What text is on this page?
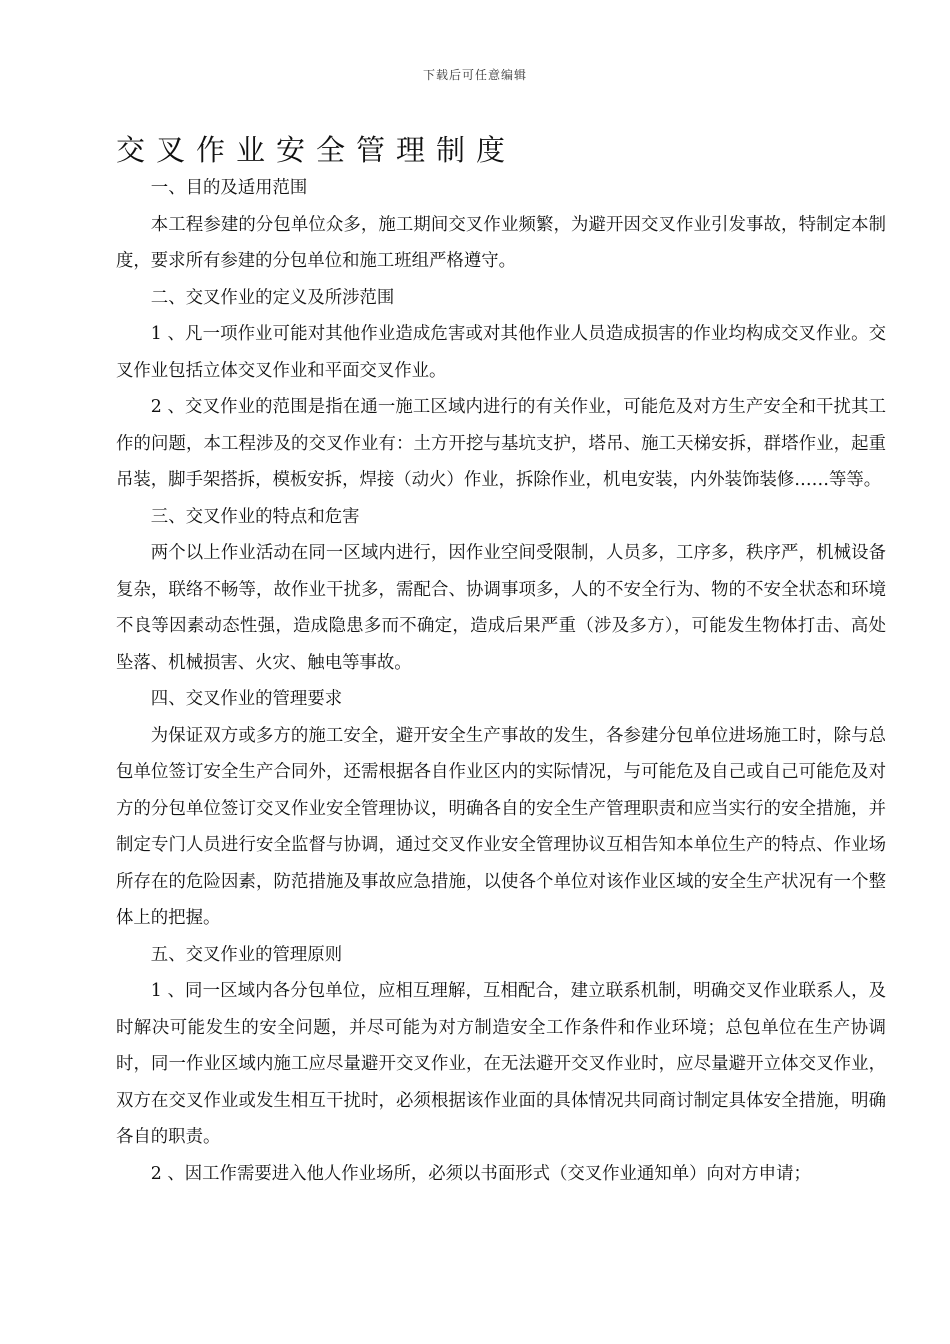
下载后可任意编辑
交叉作业安全管理制度

一、目的及适用范围

本工程参建的分包单位众多，施工期间交叉作业频繁，为避开因交叉作业引发事故，特制定本制度，要求所有参建的分包单位和施工班组严格遵守。

二、交叉作业的定义及所涉范围

1 、凡一项作业可能对其他作业造成危害或对其他作业人员造成损害的作业均构成交叉作业。交叉作业包括立体交叉作业和平面交叉作业。

2 、交叉作业的范围是指在通一施工区域内进行的有关作业，可能危及对方生产安全和干扰其工作的问题，本工程涉及的交叉作业有：土方开挖与基坑支护，塔吊、施工天梯安拆，群塔作业，起重吊装，脚手架搭拆，模板安拆，焊接（动火）作业，拆除作业，机电安装，内外装饰装修……等等。

三、交叉作业的特点和危害

两个以上作业活动在同一区域内进行，因作业空间受限制，人员多，工序多，秩序严，机械设备复杂，联络不畅等，故作业干扰多，需配合、协调事项多，人的不安全行为、物的不安全状态和环境不良等因素动态性强，造成隐患多而不确定，造成后果严重（涉及多方），可能发生物体打击、高处坠落、机械损害、火灾、触电等事故。

四、交叉作业的管理要求

为保证双方或多方的施工安全，避开安全生产事故的发生，各参建分包单位进场施工时，除与总包单位签订安全生产合同外，还需根据各自作业区内的实际情况，与可能危及自己或自己可能危及对方的分包单位签订交叉作业安全管理协议，明确各自的安全生产管理职责和应当实行的安全措施，并制定专门人员进行安全监督与协调，通过交叉作业安全管理协议互相告知本单位生产的特点、作业场所存在的危险因素，防范措施及事故应急措施，以使各个单位对该作业区域的安全生产状况有一个整体上的把握。

五、交叉作业的管理原则

1 、同一区域内各分包单位，应相互理解，互相配合，建立联系机制，明确交叉作业联系人，及时解决可能发生的安全问题，并尽可能为对方制造安全工作条件和作业环境；总包单位在生产协调时，同一作业区域内施工应尽量避开交叉作业，在无法避开交叉作业时，应尽量避开立体交叉作业，双方在交叉作业或发生相互干扰时，必须根据该作业面的具体情况共同商讨制定具体安全措施，明确各自的职责。

2 、因工作需要进入他人作业场所，必须以书面形式（交叉作业通知单）向对方申请；
